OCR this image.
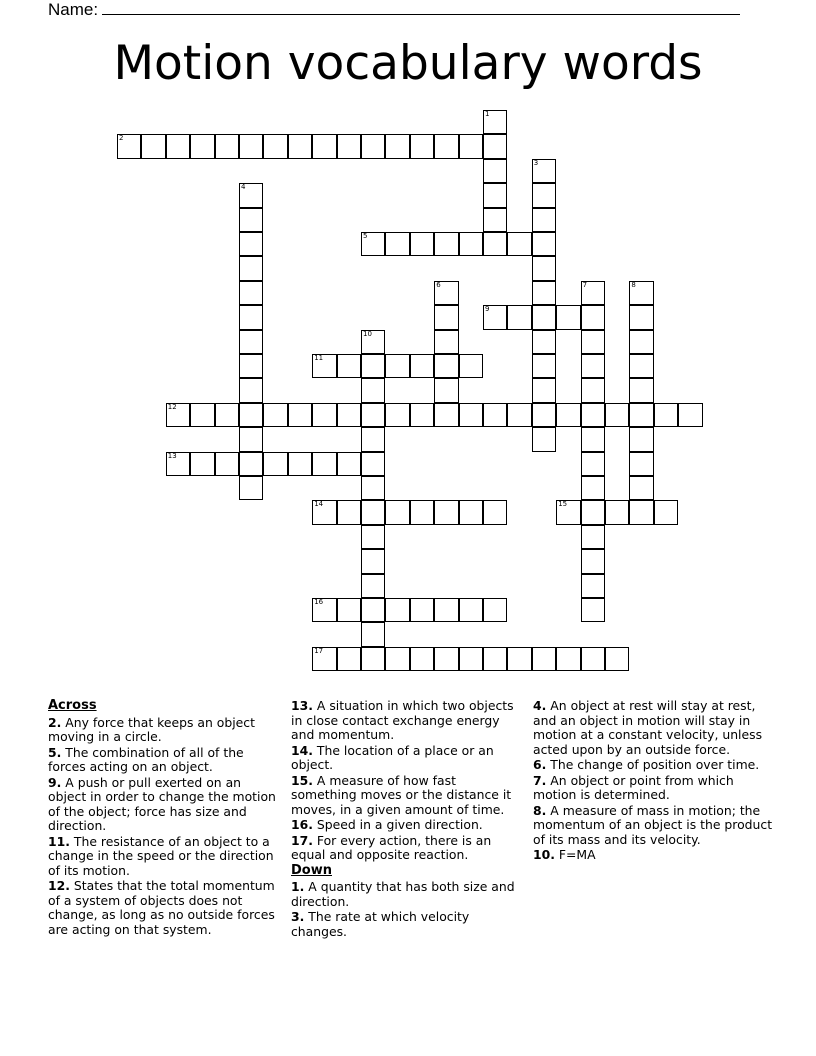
Name:
Motion vocabulary words
1
2
3
4
5
6	7	8
9
10
11
12
13
14	15
16
17
Across
2. Any force that keeps an object moving in a circle.
5. The combination of all of the forces acting on an object.
9. A push or pull exerted on an object in order to change the motion of the object; force has size and direction.
11. The resistance of an object to a change in the speed or the direction of its motion.
12. States that the total momentum of a system of objects does not change, as long as no outside forces are acting on that system.
13. A situation in which two objects in close contact exchange energy and momentum.
14. The location of a place or an object.
15. A measure of how fast something moves or the distance it moves, in a given amount of time.
16. Speed in a given direction.
17. For every action, there is an equal and opposite reaction.
Down
1. A quantity that has both size and direction.
3. The rate at which velocity changes.
4. An object at rest will stay at rest, and an object in motion will stay in motion at a constant velocity, unless acted upon by an outside force.
6. The change of position over time.
7. An object or point from which motion is determined.
8. A measure of mass in motion; the momentum of an object is the product of its mass and its velocity.
10. F=MA
